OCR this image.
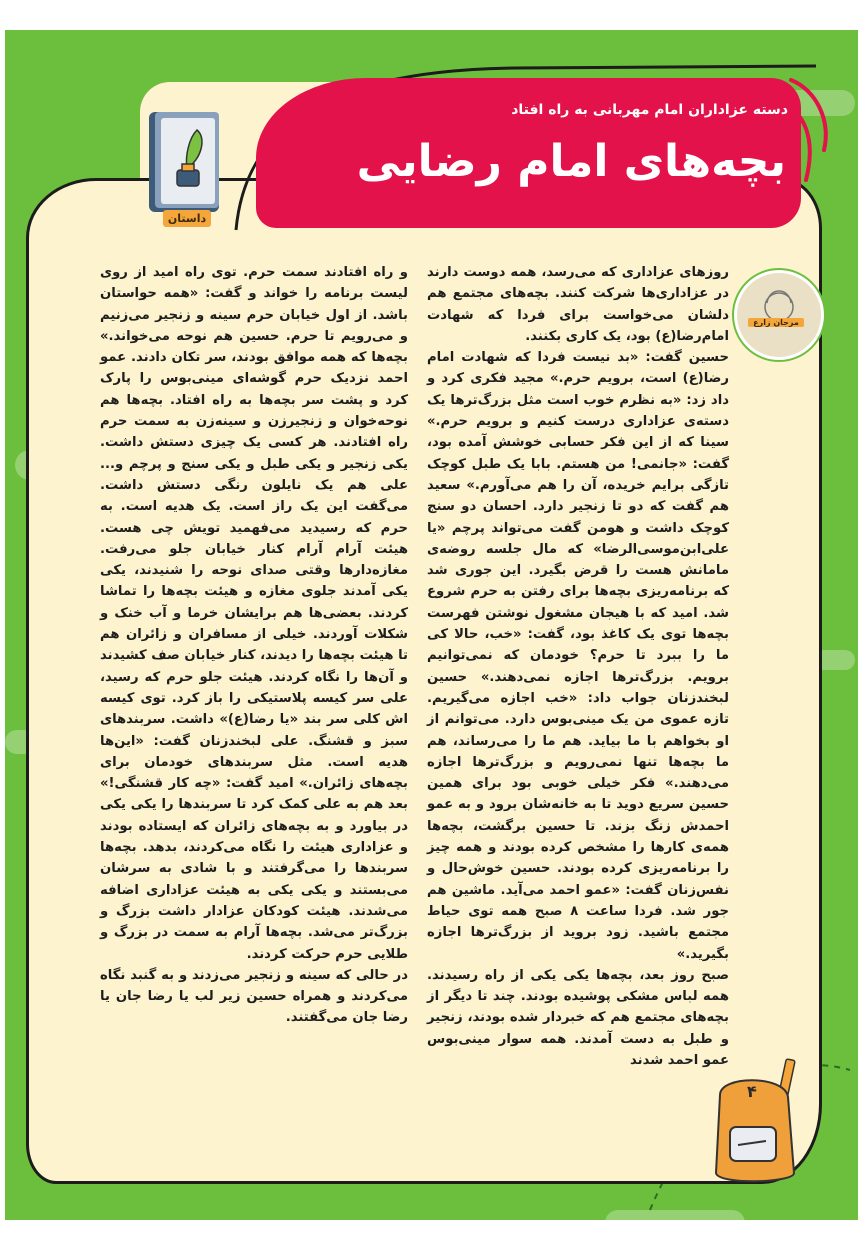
دسته عزاداران امام مهربانی به راه افتاد
بچه‌های امام رضایی
داستان
مرجان زارع

روزهای عزاداری که می‌رسد، همه دوست دارند در عزاداری‌ها شرکت کنند. بچه‌های مجتمع هم دلشان می‌خواست برای فردا که شهادت امام‌رضا(ع) بود، یک کاری بکنند.

حسین گفت: «بد نیست فردا که شهادت امام رضا(ع) است، برویم حرم.» مجید فکری کرد و داد زد: «به نظرم خوب است مثل بزرگ‌ترها یک دسته‌ی عزاداری درست کنیم و برویم حرم.» سینا که از این فکر حسابی خوشش آمده بود، گفت: «جانمی! من هستم. بابا یک طبل کوچک تازگی برایم خریده، آن را هم می‌آورم.» سعید هم گفت که دو تا زنجیر دارد. احسان دو سنج کوچک داشت و هومن گفت می‌تواند پرچم «یا علی‌ابن‌موسی‌الرضا» که مال جلسه روضه‌ی مامانش هست را قرض بگیرد. این جوری شد که برنامه‌ریزی بچه‌ها برای رفتن به حرم شروع شد. امید که با هیجان مشغول نوشتن فهرست بچه‌ها توی یک کاغذ بود، گفت: «خب، حالا کی ما را ببرد تا حرم؟ خودمان که نمی‌توانیم برویم. بزرگ‌ترها اجازه نمی‌دهند.» حسین لبخندزنان جواب داد: «خب اجازه می‌گیریم. تازه عموی من یک مینی‌بوس دارد. می‌توانم از او بخواهم با ما بیاید. هم ما را می‌رساند، هم ما بچه‌ها تنها نمی‌رویم و بزرگ‌ترها اجازه می‌دهند.» فکر خیلی خوبی بود برای همین حسین سریع دوید تا به خانه‌شان برود و به عمو احمدش زنگ بزند. تا حسین برگشت، بچه‌ها همه‌ی کارها را مشخص کرده بودند و همه چیز را برنامه‌ریزی کرده بودند. حسین خوش‌حال و نفس‌زنان گفت: «عمو احمد می‌آید. ماشین هم جور شد. فردا ساعت ۸ صبح همه توی حیاط مجتمع باشید. زود بروید از بزرگ‌ترها اجازه بگیرید.»

صبح روز بعد، بچه‌ها یکی یکی از راه رسیدند. همه لباس مشکی پوشیده بودند. چند تا دیگر از بچه‌های مجتمع هم که خبردار شده بودند، زنجیر و طبل به دست آمدند. همه سوار مینی‌بوس عمو احمد شدند

و راه افتادند سمت حرم. توی راه امید از روی لیست برنامه را خواند و گفت: «همه حواستان باشد. از اول خیابان حرم سینه و زنجیر می‌زنیم و می‌رویم تا حرم. حسین هم نوحه می‌خواند.» بچه‌ها که همه موافق بودند، سر تکان دادند. عمو احمد نزدیک حرم گوشه‌ای مینی‌بوس را پارک کرد و پشت سر بچه‌ها به راه افتاد. بچه‌ها هم نوحه‌خوان و زنجیرزن و سینه‌زن به سمت حرم راه افتادند. هر کسی یک چیزی دستش داشت. یکی زنجیر و یکی طبل و یکی سنج و پرچم و... علی هم یک نایلون رنگی دستش داشت. می‌گفت این یک راز است. یک هدیه است. به حرم که رسیدید می‌فهمید تویش چی هست. هیئت آرام آرام کنار خیابان جلو می‌رفت. مغازه‌دارها وقتی صدای نوحه را شنیدند، یکی یکی آمدند جلوی مغازه و هیئت بچه‌ها را تماشا کردند. بعضی‌ها هم برایشان خرما و آب خنک و شکلات آوردند. خیلی از مسافران و زائران هم تا هیئت بچه‌ها را دیدند، کنار خیابان صف کشیدند و آن‌ها را نگاه کردند. هیئت جلو حرم که رسید، علی سر کیسه پلاستیکی را باز کرد. توی کیسه اش کلی سر بند «یا رضا(ع)» داشت. سربندهای سبز و قشنگ. علی لبخندزنان گفت: «این‌ها هدیه است. مثل سربندهای خودمان برای بچه‌های زائران.» امید گفت: «چه کار قشنگی!» بعد هم به علی کمک کرد تا سربندها را یکی یکی در بیاورد و به بچه‌های زائران که ایستاده بودند و عزاداری هیئت را نگاه می‌کردند، بدهد. بچه‌ها سربندها را می‌گرفتند و با شادی به سرشان می‌بستند و یکی یکی به هیئت عزاداری اضافه می‌شدند. هیئت کودکان عزادار داشت بزرگ و بزرگ‌تر می‌شد. بچه‌ها آرام به سمت در بزرگ و طلایی حرم حرکت کردند.

در حالی که سینه و زنجیر می‌زدند و به گنبد نگاه می‌کردند و همراه حسین زیر لب یا رضا جان یا رضا جان می‌گفتند.

۴
